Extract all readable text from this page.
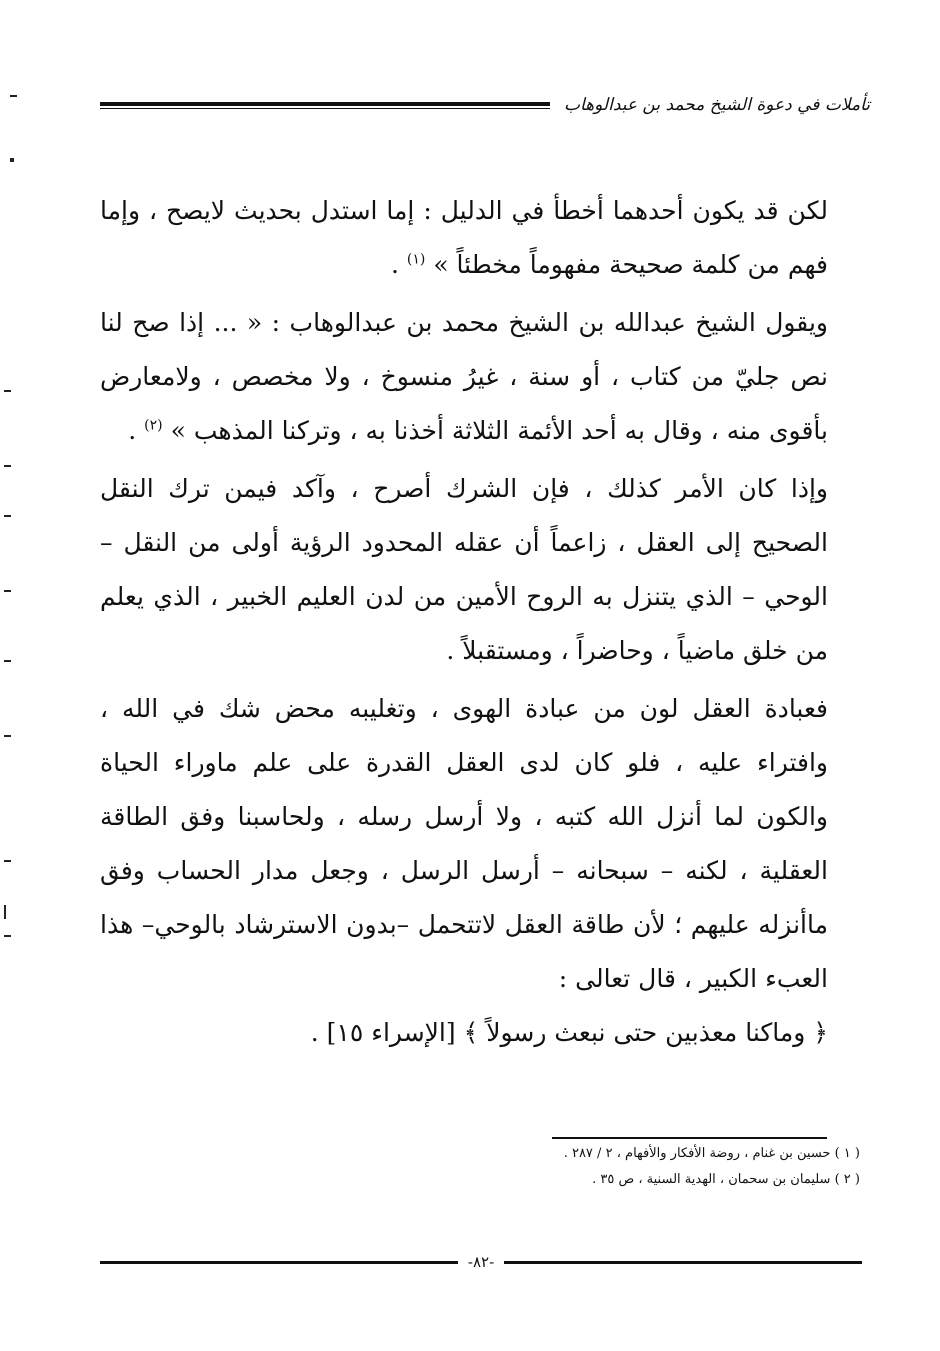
تأملات في دعوة الشيخ محمد بن عبدالوهاب

لكن قد يكون أحدهما أخطأ في الدليل : إما استدل بحديث لايصح ، وإما فهم من كلمة صحيحة مفهوماً مخطئاً » $^{(١)}$ .

ويقول الشيخ عبدالله بن الشيخ محمد بن عبدالوهاب : « ... إذا صح لنا نص جليّ من كتاب ، أو سنة ، غيرُ منسوخ ، ولا مخصص ، ولامعارض بأقوى منه ، وقال به أحد الأئمة الثلاثة أخذنا به ، وتركنا المذهب » $^{(٢)}$ .

وإذا كان الأمر كذلك ، فإن الشرك أصرح ، وآكد فيمن ترك النقل الصحيح إلى العقل ، زاعماً أن عقله المحدود الرؤية أولى من النقل – الوحي – الذي يتنزل به الروح الأمين من لدن العليم الخبير ، الذي يعلم من خلق ماضياً ، وحاضراً ، ومستقبلاً .

فعبادة العقل لون من عبادة الهوى ، وتغليبه محض شك في الله ، وافتراء عليه ، فلو كان لدى العقل القدرة على علم ماوراء الحياة والكون لما أنزل الله كتبه ، ولا أرسل رسله ، ولحاسبنا وفق الطاقة العقلية ، لكنه – سبحانه – أرسل الرسل ، وجعل مدار الحساب وفق ماأنزله عليهم ؛ لأن طاقة العقل لاتتحمل –بدون الاسترشاد بالوحي– هذا العبء الكبير ، قال تعالى :

﴿ وماكنا معذبين حتى نبعث رسولاً ﴾ [الإسراء ١٥] .

( ١ ) حسين بن غنام ، روضة الأفكار والأفهام ، ٢ / ٢٨٧ .

( ٢ ) سليمان بن سحمان ، الهدية السنية ، ص ٣٥ .

-٨٢-
